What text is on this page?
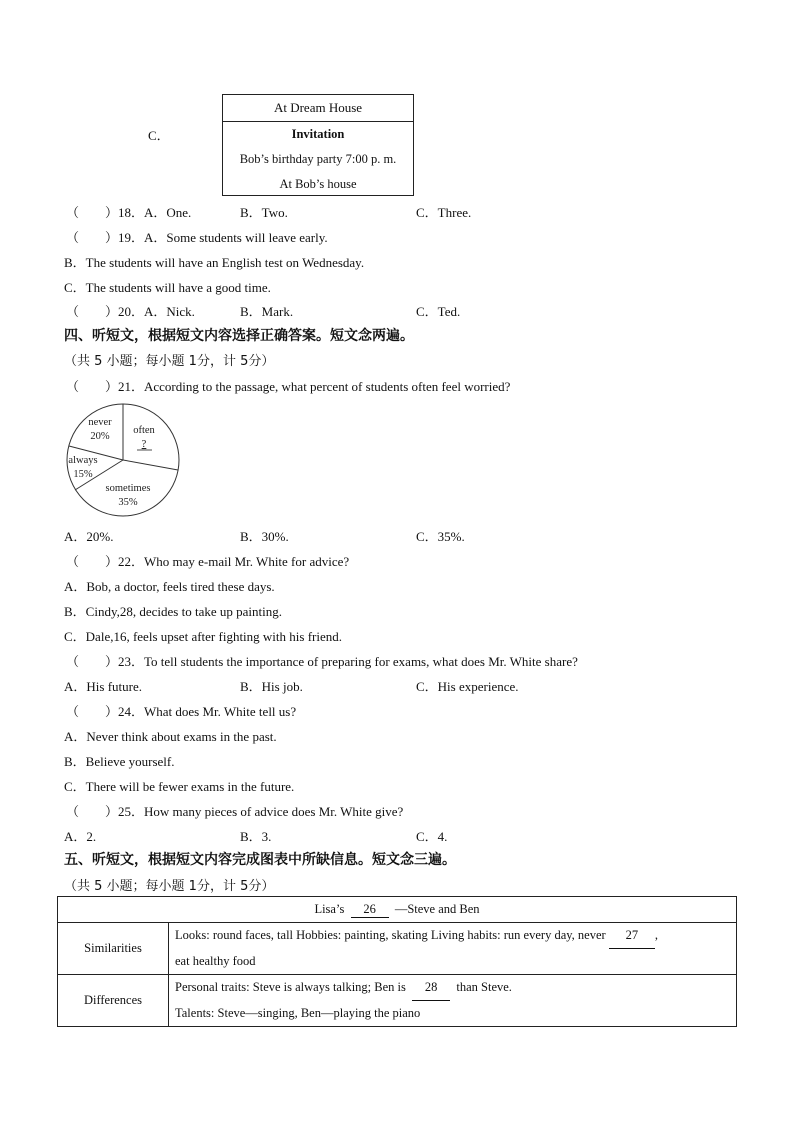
C．
At Dream House
Invitation
Bob’s birthday party 7:00 p. m.
At Bob’s house
（　　）18．A．One.	B．Two.	C．Three.
（　　）19．A．Some students will leave early.
B．The students will have an English test on Wednesday.
C．The students will have a good time.
（　　）20．A．Nick.	B．Mark.	C．Ted.
四、听短文，根据短文内容选择正确答案。短文念两遍。
（共 5 小题；每小题 1分，计 5分）
（　　）21．According to the passage, what percent of students often feel worried?
never
20%
often
?
always
15%
sometimes
35%
A．20%.	B．30%.	C．35%.
（　　）22．Who may e-mail Mr. White for advice?
A．Bob, a doctor, feels tired these days.
B．Cindy,28, decides to take up painting.
C．Dale,16, feels upset after fighting with his friend.
（　　）23．To tell students the importance of preparing for exams, what does Mr. White share?
A．His future.	B．His job.	C．His experience.
（　　）24．What does Mr. White tell us?
A．Never think about exams in the past.
B．Believe yourself.
C．There will be fewer exams in the future.
（　　）25．How many pieces of advice does Mr. White give?
A．2.	B．3.	C．4.
五、听短文，根据短文内容完成图表中所缺信息。短文念三遍。
（共 5 小题；每小题 1分，计 5分）
Lisa’s 26 —Steve and Ben	
Similarities	Looks: round faces, tall Hobbies: painting, skating Living habits: run every day, never 27 ,
eat healthy food
Differences	Personal traits: Steve is always talking; Ben is 28 than Steve.
Talents: Steve—singing, Ben—playing the piano
